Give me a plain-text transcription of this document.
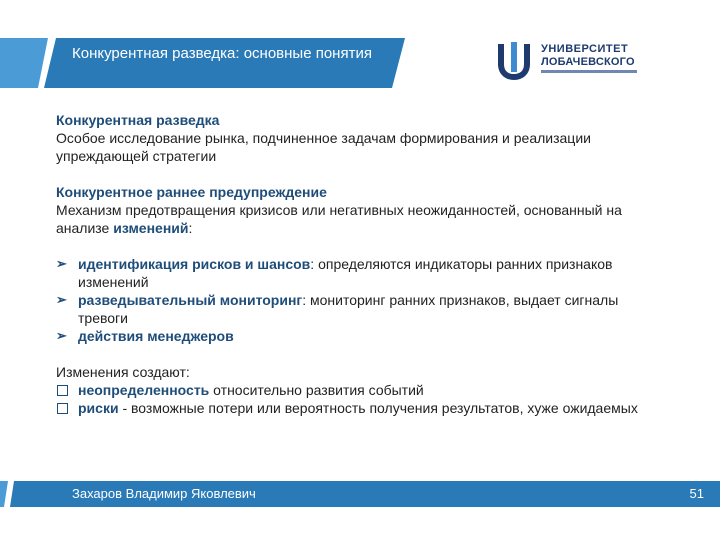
Конкурентная разведка: основные понятия	УНИВЕРСИТЕТ
ЛОБАЧЕВСКОГО
Конкурентная разведка
Особое исследование рынка, подчиненное задачам формирования и реализации упреждающей стратегии
Конкурентное раннее предупреждение
Механизм предотвращения кризисов или негативных неожиданностей, основанный на анализе изменений:
➢ идентификация рисков и шансов: определяются индикаторы ранних признаков изменений
➢ разведывательный мониторинг: мониторинг ранних признаков, выдает сигналы тревоги
➢ действия менеджеров
Изменения создают:
неопределенность относительно развития событий
риски - возможные потери или вероятность получения результатов, хуже ожидаемых
Захаров Владимир Яковлевич	51
